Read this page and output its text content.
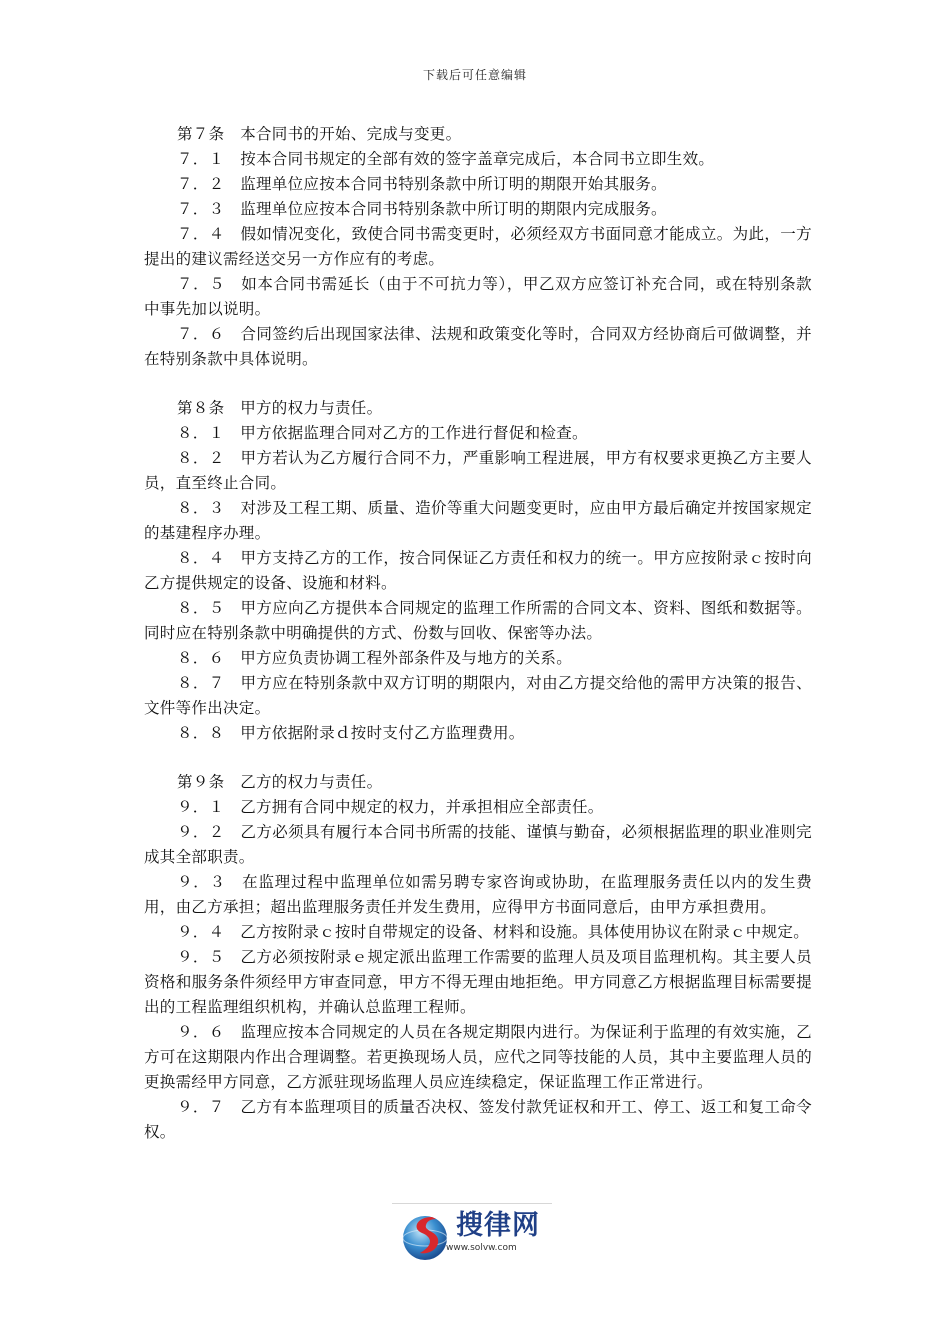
下载后可任意编辑

第７条　本合同书的开始、完成与变更。

７．１　按本合同书规定的全部有效的签字盖章完成后，本合同书立即生效。

７．２　监理单位应按本合同书特别条款中所订明的期限开始其服务。

７．３　监理单位应按本合同书特别条款中所订明的期限内完成服务。

７．４　假如情况变化，致使合同书需变更时，必须经双方书面同意才能成立。为此，一方提出的建议需经送交另一方作应有的考虑。

７．５　如本合同书需延长（由于不可抗力等），甲乙双方应签订补充合同，或在特别条款中事先加以说明。

７．６　合同签约后出现国家法律、法规和政策变化等时，合同双方经协商后可做调整，并在特别条款中具体说明。

第８条　甲方的权力与责任。

８．１　甲方依据监理合同对乙方的工作进行督促和检查。

８．２　甲方若认为乙方履行合同不力，严重影响工程进展，甲方有权要求更换乙方主要人员，直至终止合同。

８．３　对涉及工程工期、质量、造价等重大问题变更时，应由甲方最后确定并按国家规定的基建程序办理。

８．４　甲方支持乙方的工作，按合同保证乙方责任和权力的统一。甲方应按附录ｃ按时向乙方提供规定的设备、设施和材料。

８．５　甲方应向乙方提供本合同规定的监理工作所需的合同文本、资料、图纸和数据等。同时应在特别条款中明确提供的方式、份数与回收、保密等办法。

８．６　甲方应负责协调工程外部条件及与地方的关系。

８．７　甲方应在特别条款中双方订明的期限内，对由乙方提交给他的需甲方决策的报告、文件等作出决定。

８．８　甲方依据附录ｄ按时支付乙方监理费用。

第９条　乙方的权力与责任。

９．１　乙方拥有合同中规定的权力，并承担相应全部责任。

９．２　乙方必须具有履行本合同书所需的技能、谨慎与勤奋，必须根据监理的职业准则完成其全部职责。

９．３　在监理过程中监理单位如需另聘专家咨询或协助，在监理服务责任以内的发生费用，由乙方承担；超出监理服务责任并发生费用，应得甲方书面同意后，由甲方承担费用。

９．４　乙方按附录ｃ按时自带规定的设备、材料和设施。具体使用协议在附录ｃ中规定。

９．５　乙方必须按附录ｅ规定派出监理工作需要的监理人员及项目监理机构。其主要人员资格和服务条件须经甲方审查同意，甲方不得无理由地拒绝。甲方同意乙方根据监理目标需要提出的工程监理组织机构，并确认总监理工程师。

９．６　监理应按本合同规定的人员在各规定期限内进行。为保证利于监理的有效实施，乙方可在这期限内作出合理调整。若更换现场人员，应代之同等技能的人员，其中主要监理人员的更换需经甲方同意，乙方派驻现场监理人员应连续稳定，保证监理工作正常进行。

９．７　乙方有本监理项目的质量否决权、签发付款凭证权和开工、停工、返工和复工命令权。

搜律网
www.solvw.com
